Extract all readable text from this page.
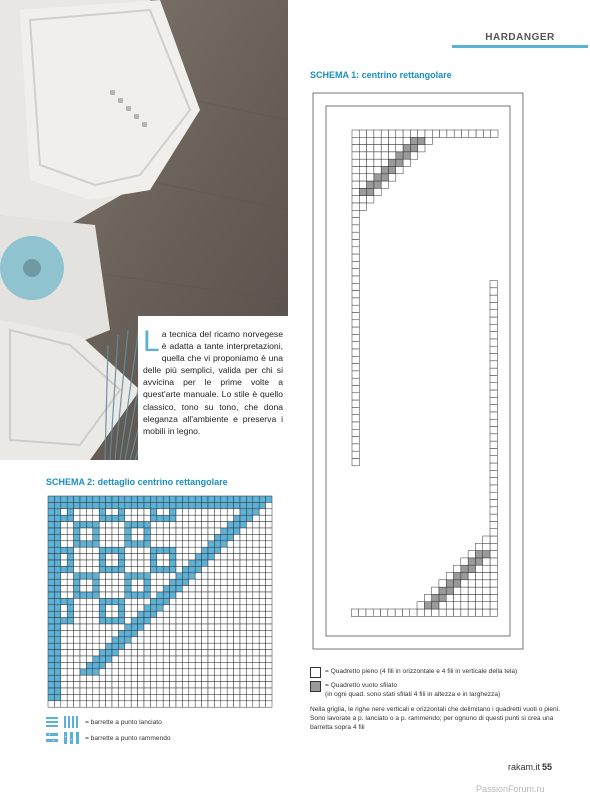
HARDANGER
SCHEMA 1: centrino rettangolare
La tecnica del ricamo norvegese è adatta a tante interpretazioni, quella che vi proponiamo è una delle più semplici, valida per chi si avvicina per le prime volte a quest'arte manuale. Lo stile è quello classico, tono su tono, che dona eleganza all'ambiente e preserva i mobili in legno.
SCHEMA 2: dettaglio centrino rettangolare
= Quadretto pieno (4 fili in orizzontale e 4 fili in verticale della tela)
= Quadretto vuoto sfilato
(in ogni quad. sono stati sfilati 4 fili in altezza e in larghezza)
Nella griglia, le righe nere verticali e orizzontali che delimitano i quadretti vuoti o pieni. Sono lavorate a p. lanciato o a p. rammendo; per ognuno di questi punti si crea una barretta sopra 4 fili
= barrette a punto lanciato
= barrette a punto rammendo
rakam.it 55
PassionForum.ru
